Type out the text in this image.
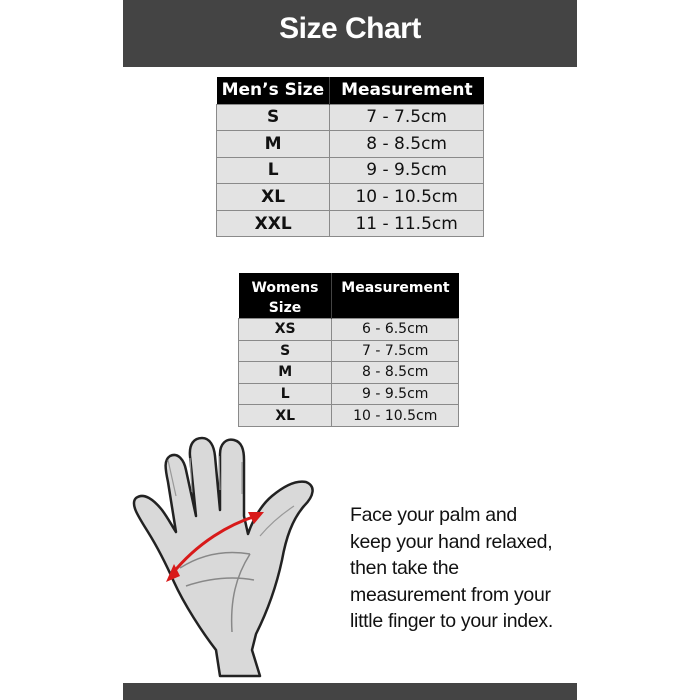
Size Chart
Men’s Size	Measurement
S	7 - 7.5cm
M	8 - 8.5cm
L	9 - 9.5cm
XL	10 - 10.5cm
XXL	11 - 11.5cm
Womens Size	Measurement
XS	6 - 6.5cm
S	7 - 7.5cm
M	8 - 8.5cm
L	9 - 9.5cm
XL	10 - 10.5cm
Face your palm and keep your hand relaxed, then take the measurement from your little finger to your index.
